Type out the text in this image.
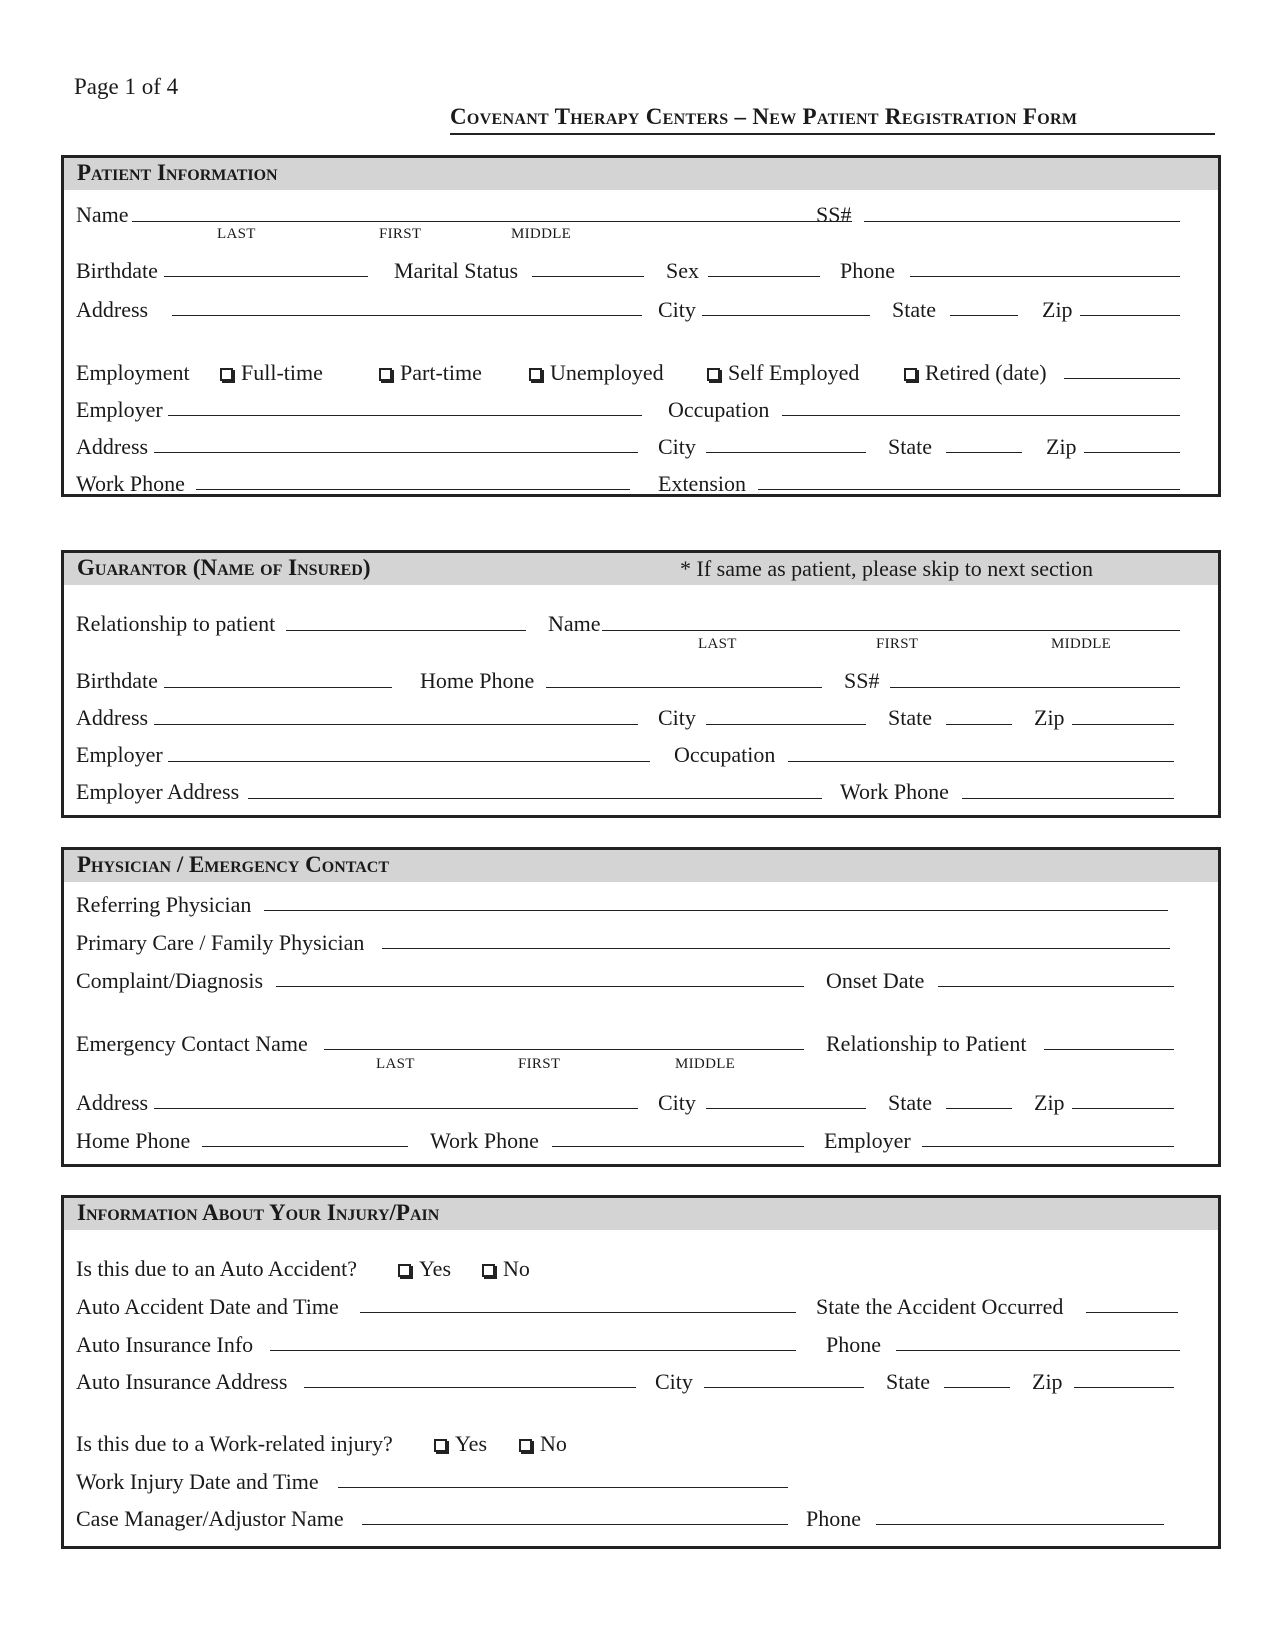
Page 1 of 4
Covenant Therapy Centers – New Patient Registration Form
Patient Information
Name	SS#
LAST	FIRST	MIDDLE
Birthdate	Marital Status	Sex	Phone
Address	City	State	Zip
Employment	Full-time	Part-time	Unemployed	Self Employed	Retired (date)
Employer	Occupation
Address	City	State	Zip
Work Phone	Extension
Guarantor (Name of Insured)	* If same as patient, please skip to next section
Relationship to patient	Name
LAST	FIRST	MIDDLE
Birthdate	Home Phone	SS#
Address	City	State	Zip
Employer	Occupation
Employer Address	Work Phone
Physician / Emergency Contact
Referring Physician
Primary Care / Family Physician
Complaint/Diagnosis	Onset Date
Emergency Contact Name	Relationship to Patient
LAST	FIRST	MIDDLE
Address	City	State	Zip
Home Phone	Work Phone	Employer
Information About Your Injury/Pain
Is this due to an Auto Accident?	Yes	No
Auto Accident Date and Time	State the Accident Occurred
Auto Insurance Info	Phone
Auto Insurance Address	City	State	Zip
Is this due to a Work-related injury?	Yes	No
Work Injury Date and Time
Case Manager/Adjustor Name	Phone
